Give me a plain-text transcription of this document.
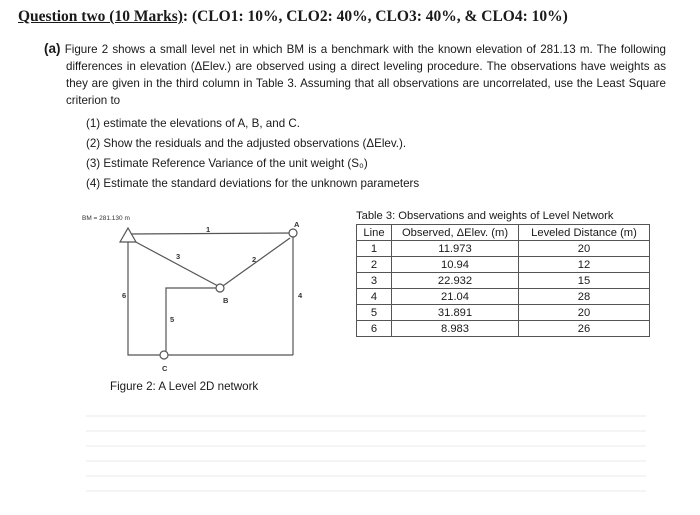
Question two (10 Marks): (CLO1: 10%, CLO2: 40%, CLO3: 40%, & CLO4: 10%)
(a) Figure 2 shows a small level net in which BM is a benchmark with the known elevation of 281.13 m. The following differences in elevation (ΔElev.) are observed using a direct leveling procedure. The observations have weights as they are given in the third column in Table 3. Assuming that all observations are uncorrelated, use the Least Square criterion to
(1) estimate the elevations of A, B, and C.
(2) Show the residuals and the adjusted observations (ΔElev.).
(3) Estimate Reference Variance of the unit weight (S₀)
(4) Estimate the standard deviations for the unknown parameters
BM = 281.130 m
A
B
C
1
2
3
4
5
6
Figure 2: A Level 2D network
Table 3: Observations and weights of Level Network
Line	Observed, ΔElev. (m)	Leveled Distance (m)
1	11.973	20
2	10.94	12
3	22.932	15
4	21.04	28
5	31.891	20
6	8.983	26
